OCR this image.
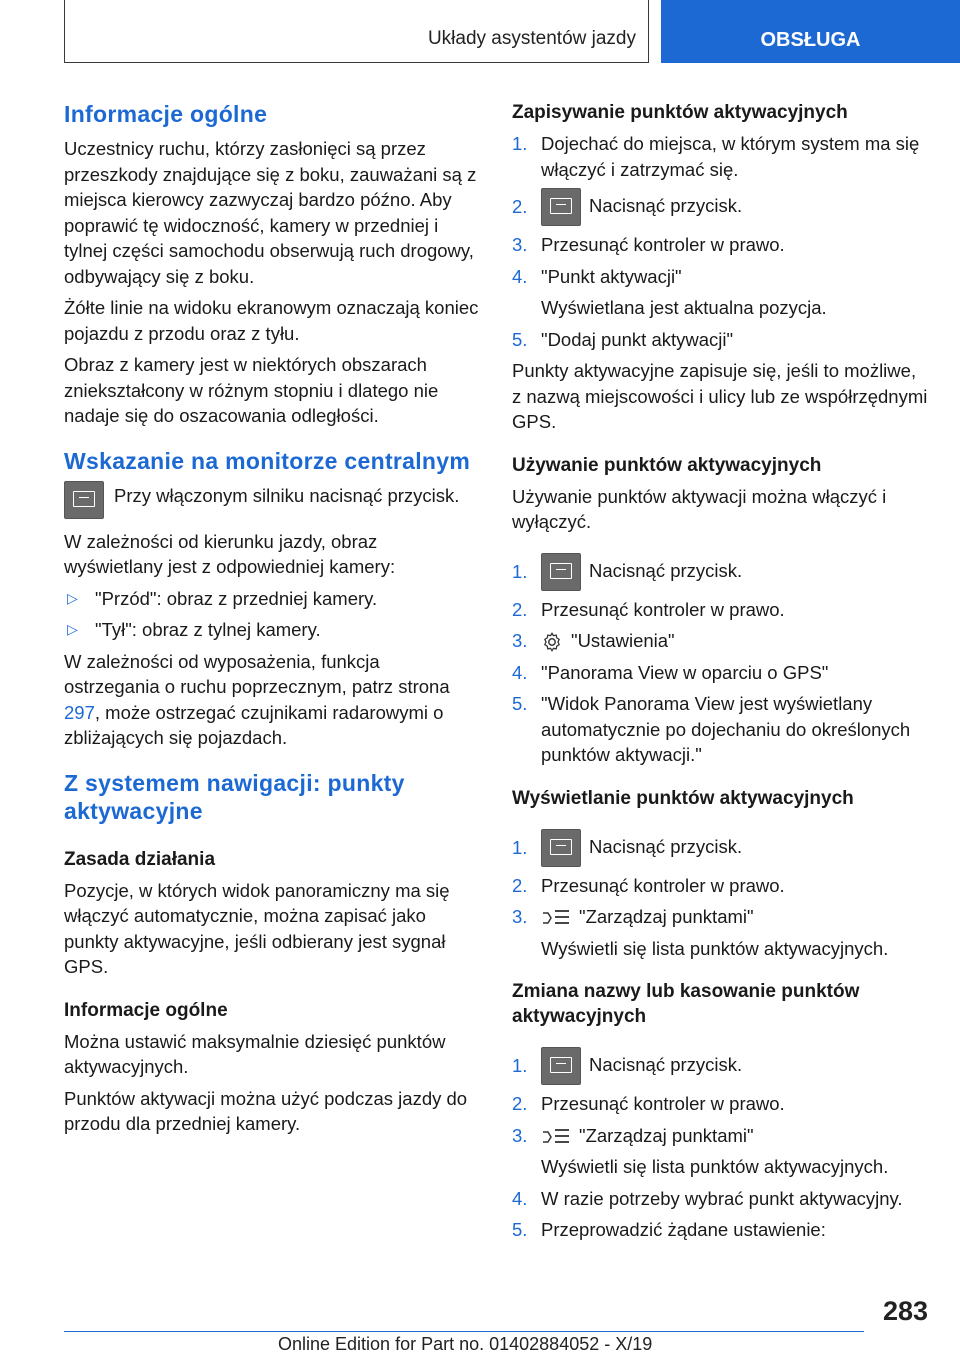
Układy asystentów jazdy	OBSŁUGA
Informacje ogólne

Uczestnicy ruchu, którzy zasłonięci są przez przeszkody znajdujące się z boku, zauważani są z miejsca kierowcy zazwyczaj bardzo późno. Aby poprawić tę widoczność, kamery w przedniej i tylnej części samochodu obserwują ruch drogowy, odbywający się z boku.

Żółte linie na widoku ekranowym oznaczają koniec pojazdu z przodu oraz z tyłu.

Obraz z kamery jest w niektórych obszarach zniekształcony w różnym stopniu i dlatego nie nadaje się do oszacowania odległości.

Wskazanie na monitorze centralnym
Przy włączonym silniku nacisnąć przycisk.

W zależności od kierunku jazdy, obraz wyświetlany jest z odpowiedniej kamery:

▷ "Przód": obraz z przedniej kamery.
▷ "Tył": obraz z tylnej kamery.

W zależności od wyposażenia, funkcja ostrzegania o ruchu poprzecznym, patrz strona 297, może ostrzegać czujnikami radarowymi o zbliżających się pojazdach.

Z systemem nawigacji: punkty aktywacyjne
Zasada działania

Pozycje, w których widok panoramiczny ma się włączyć automatycznie, można zapisać jako punkty aktywacyjne, jeśli odbierany jest sygnał GPS.

Informacje ogólne

Można ustawić maksymalnie dziesięć punktów aktywacyjnych.

Punktów aktywacji można użyć podczas jazdy do przodu dla przedniej kamery.

Zapisywanie punktów aktywacyjnych
1. Dojechać do miejsca, w którym system ma się włączyć i zatrzymać się.
2.	Nacisnąć przycisk.
3. Przesunąć kontroler w prawo.
4. "Punkt aktywacji"
Wyświetlana jest aktualna pozycja.
5. "Dodaj punkt aktywacji"

Punkty aktywacyjne zapisuje się, jeśli to możliwe, z nazwą miejscowości i ulicy lub ze współrzędnymi GPS.

Używanie punktów aktywacyjnych

Używanie punktów aktywacji można włączyć i wyłączyć.

1.	Nacisnąć przycisk.
2. Przesunąć kontroler w prawo.
3.	"Ustawienia"
4. "Panorama View w oparciu o GPS"
5. "Widok Panorama View jest wyświetlany automatycznie po dojechaniu do określonych punktów aktywacji."
Wyświetlanie punktów aktywacyjnych
1.	Nacisnąć przycisk.
2. Przesunąć kontroler w prawo.
3.	"Zarządzaj punktami"
Wyświetli się lista punktów aktywacyjnych.
Zmiana nazwy lub kasowanie punktów aktywacyjnych
1.	Nacisnąć przycisk.
2. Przesunąć kontroler w prawo.
3.	"Zarządzaj punktami"
Wyświetli się lista punktów aktywacyjnych.
4. W razie potrzeby wybrać punkt aktywacyjny.
5. Przeprowadzić żądane ustawienie:
283
Online Edition for Part no. 01402884052 - X/19
